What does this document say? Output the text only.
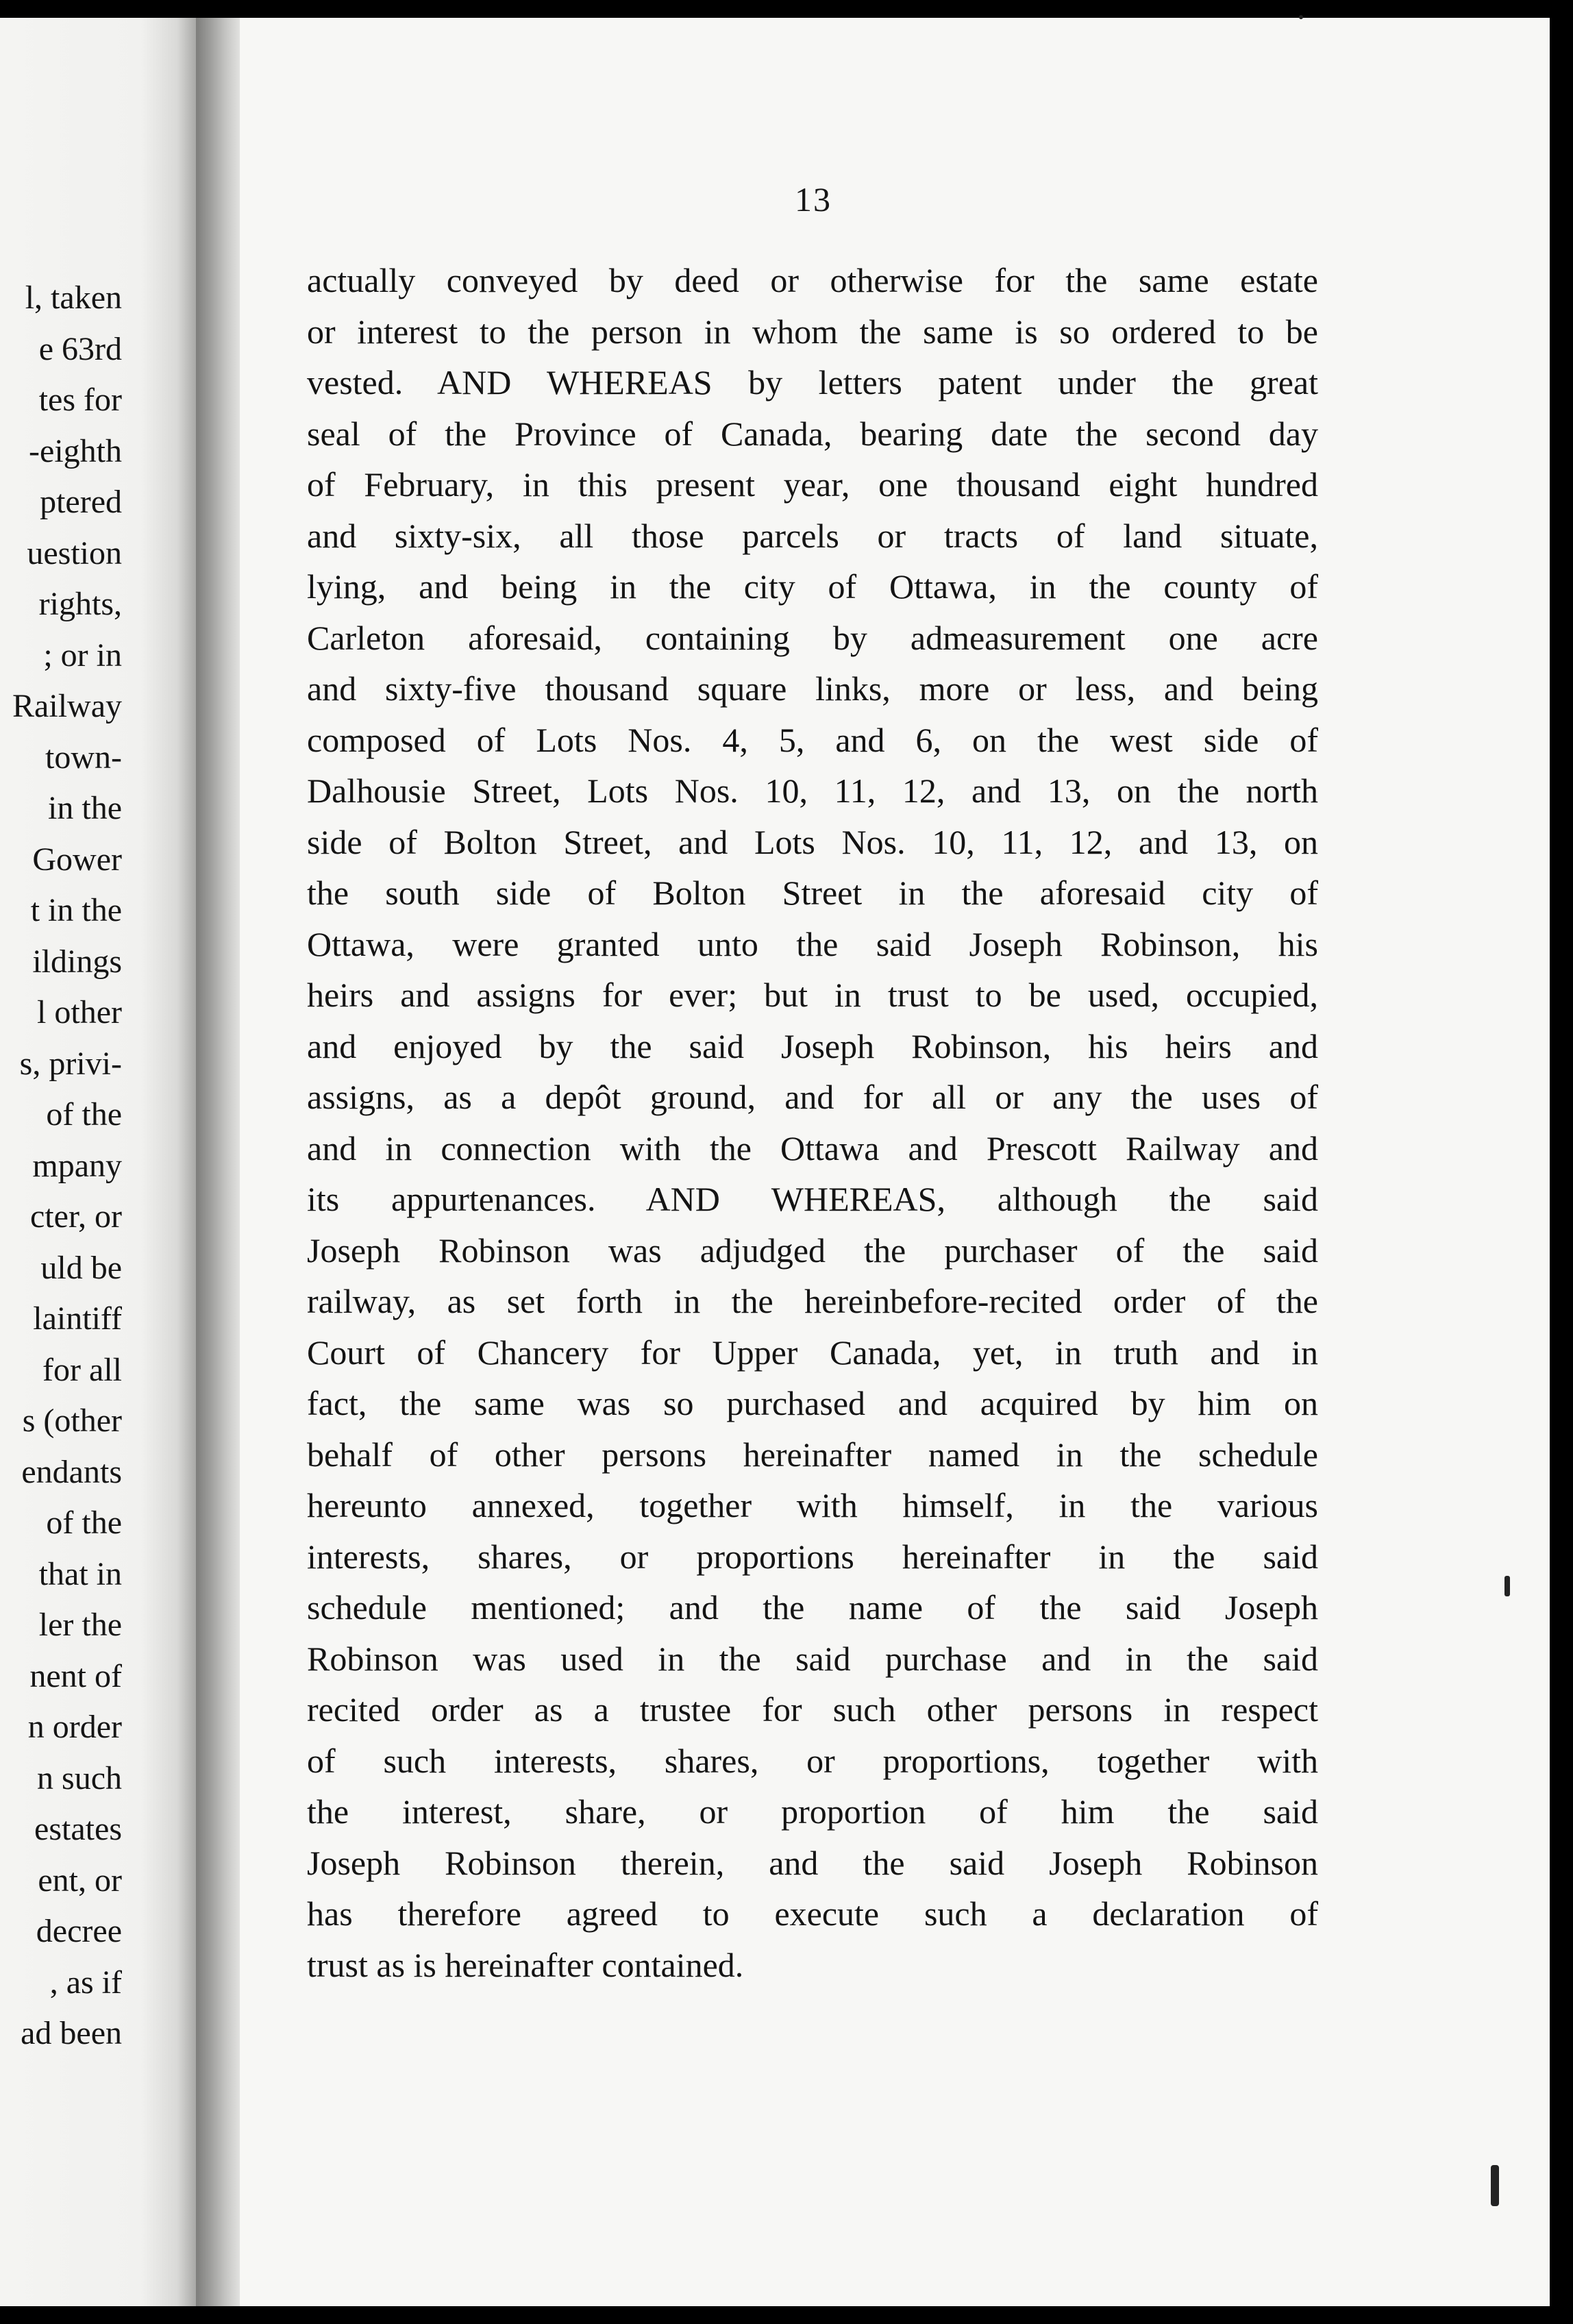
l, taken
e 63rd
tes for
-eighth
ptered
uestion
rights,
; or in
Railway
town-
in the
Gower
t in the
ildings
l other
s, privi-
of the
mpany
cter, or
uld be
laintiff
for all
s (other
endants
of the
that in
ler the
nent of
n order
n such
estates
ent, or
decree
, as if
ad been
13
actually conveyed by deed or otherwise for the same estate
or interest to the person in whom the same is so ordered to be
vested. AND WHEREAS by letters patent under the great
seal of the Province of Canada, bearing date the second day
of February, in this present year, one thousand eight hundred
and sixty-six, all those parcels or tracts of land situate,
lying, and being in the city of Ottawa, in the county of
Carleton aforesaid, containing by admeasurement one acre
and sixty-five thousand square links, more or less, and being
composed of Lots Nos. 4, 5, and 6, on the west side of
Dalhousie Street, Lots Nos. 10, 11, 12, and 13, on the north
side of Bolton Street, and Lots Nos. 10, 11, 12, and 13, on
the south side of Bolton Street in the aforesaid city of
Ottawa, were granted unto the said Joseph Robinson, his
heirs and assigns for ever; but in trust to be used, occupied,
and enjoyed by the said Joseph Robinson, his heirs and
assigns, as a depôt ground, and for all or any the uses of
and in connection with the Ottawa and Prescott Railway and
its appurtenances. AND WHEREAS, although the said
Joseph Robinson was adjudged the purchaser of the said
railway, as set forth in the hereinbefore-recited order of the
Court of Chancery for Upper Canada, yet, in truth and in
fact, the same was so purchased and acquired by him on
behalf of other persons hereinafter named in the schedule
hereunto annexed, together with himself, in the various
interests, shares, or proportions hereinafter in the said
schedule mentioned; and the name of the said Joseph
Robinson was used in the said purchase and in the said
recited order as a trustee for such other persons in respect
of such interests, shares, or proportions, together with
the interest, share, or proportion of him the said
Joseph Robinson therein, and the said Joseph Robinson
has therefore agreed to execute such a declaration of
trust as is hereinafter contained.
